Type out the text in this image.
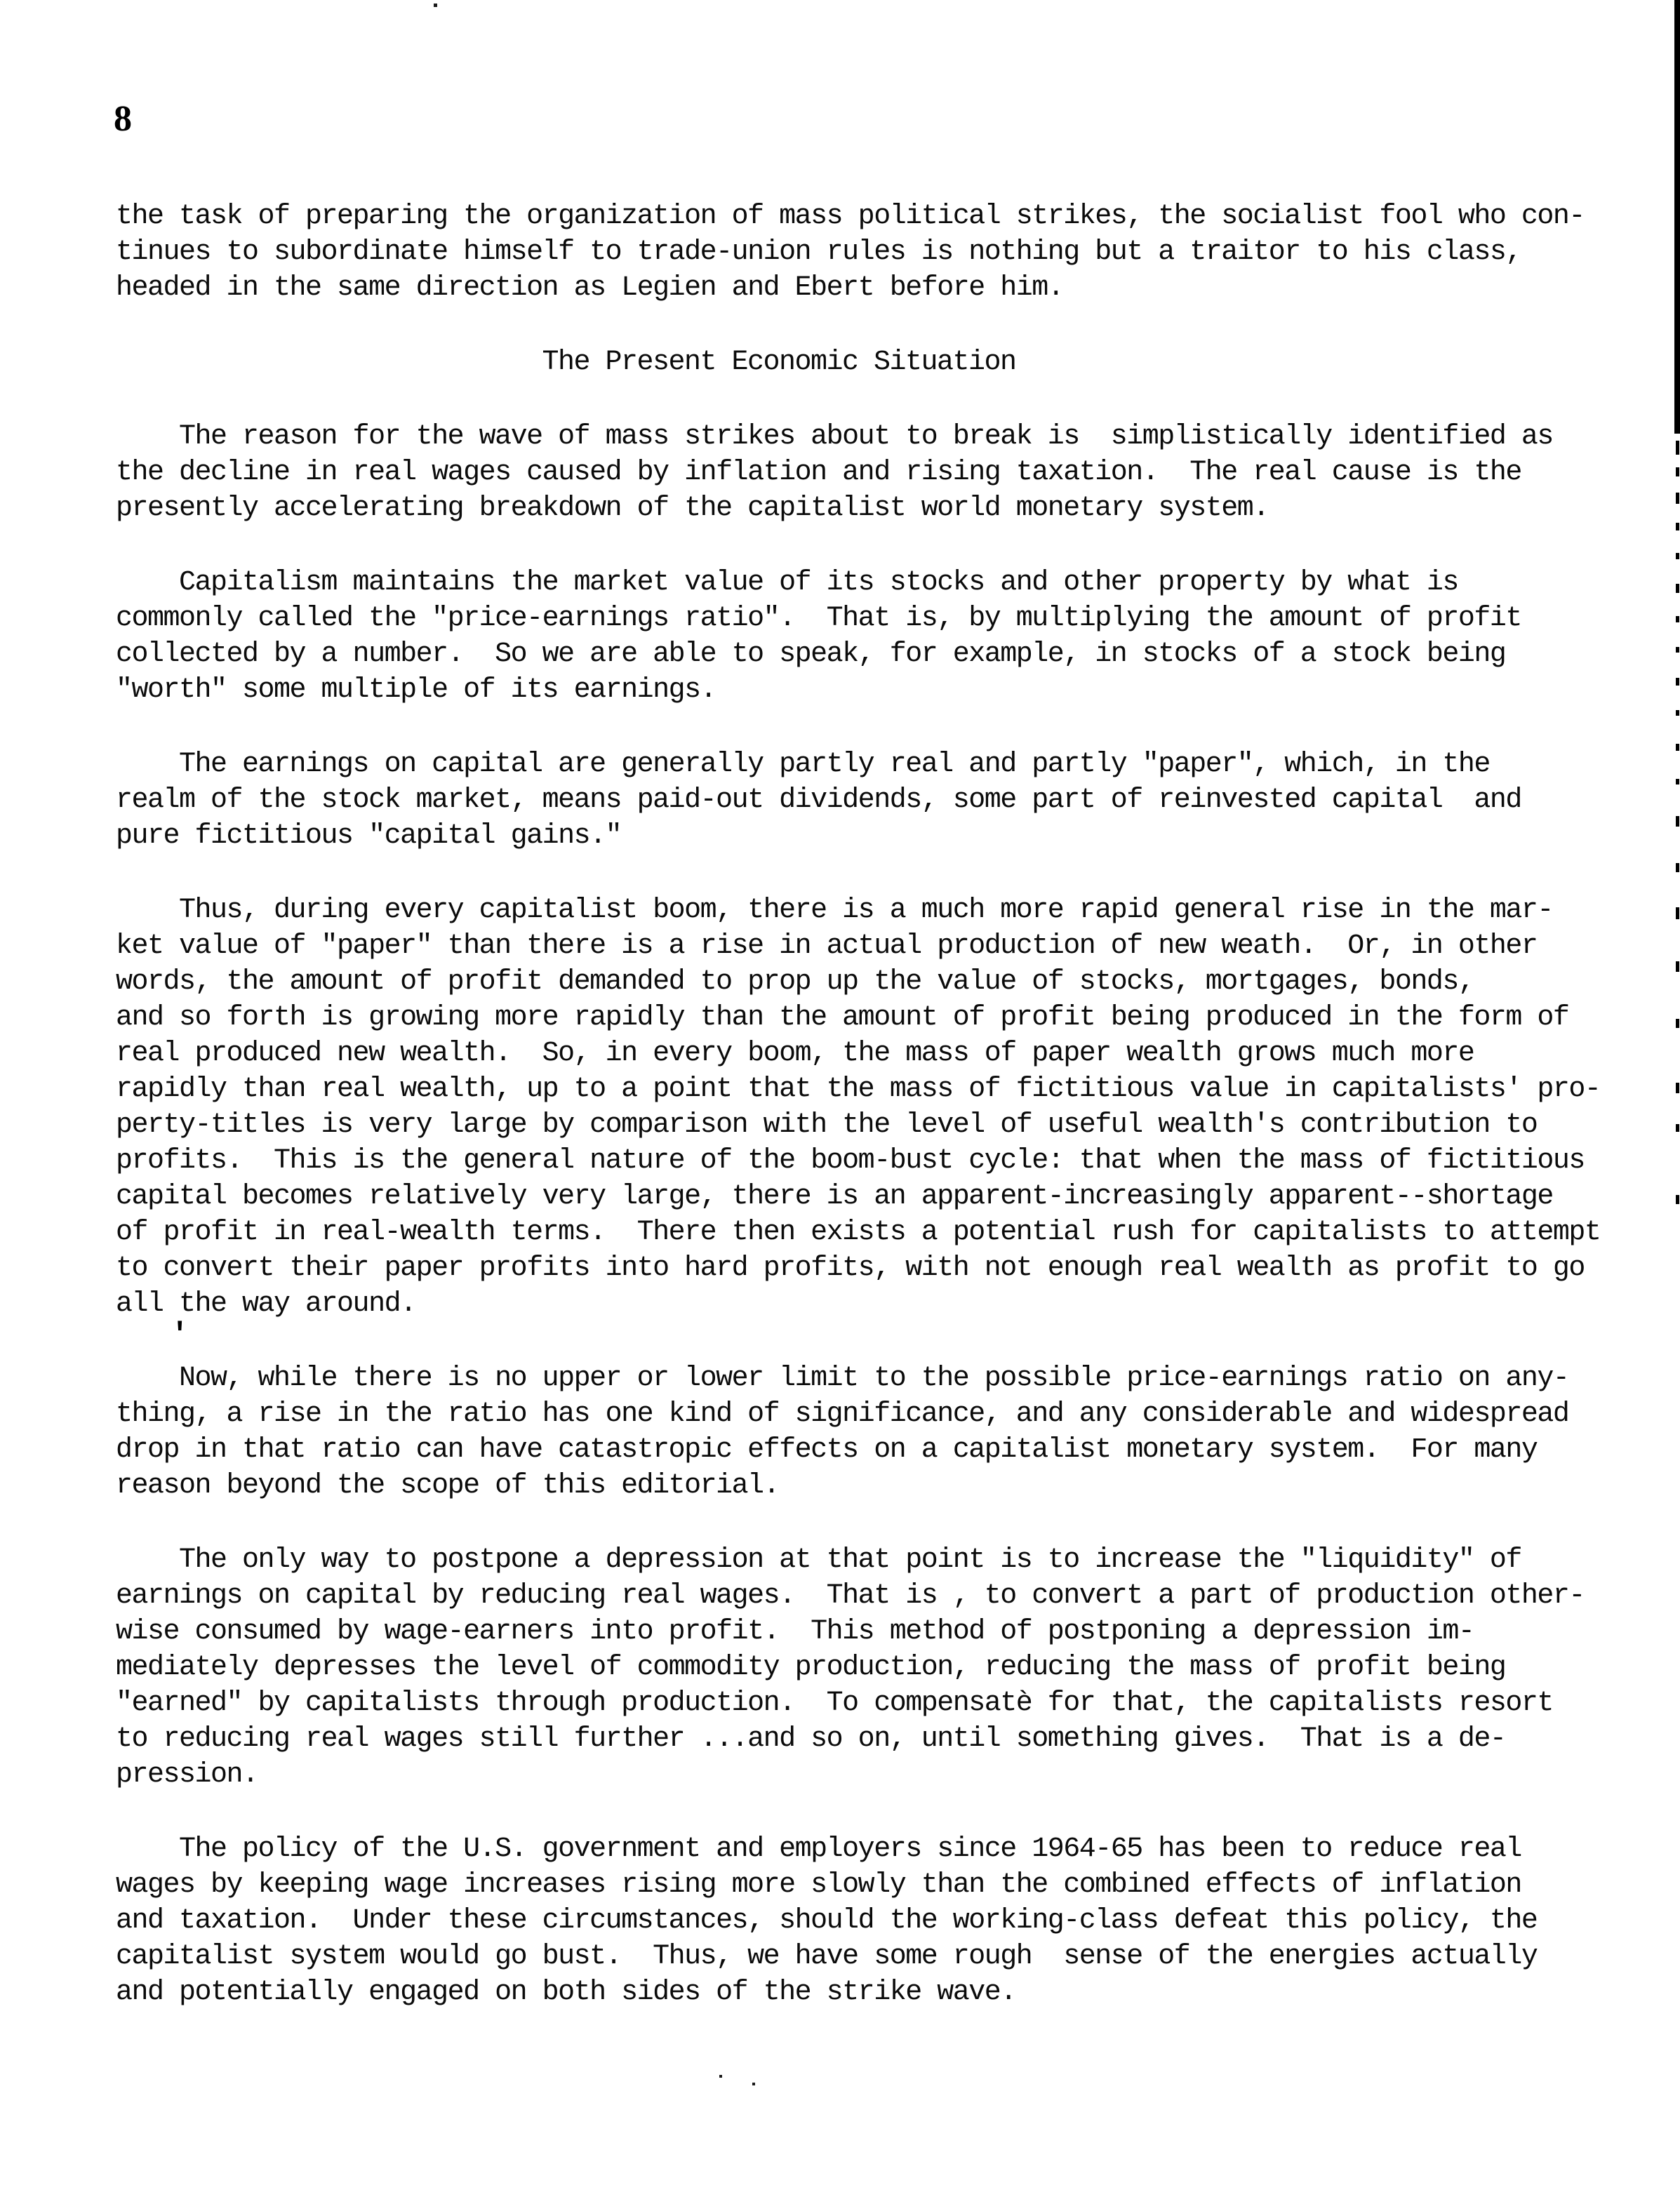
8
the task of preparing the organization of mass political strikes, the socialist fool who con-
tinues to subordinate himself to trade-union rules is nothing but a traitor to his class,
headed in the same direction as Legien and Ebert before him.
The Present Economic Situation
The reason for the wave of mass strikes about to break is  simplistically identified as
the decline in real wages caused by inflation and rising taxation.  The real cause is the
presently accelerating breakdown of the capitalist world monetary system.
Capitalism maintains the market value of its stocks and other property by what is
commonly called the "price-earnings ratio".  That is, by multiplying the amount of profit
collected by a number.  So we are able to speak, for example, in stocks of a stock being
"worth" some multiple of its earnings.
The earnings on capital are generally partly real and partly "paper", which, in the
realm of the stock market, means paid-out dividends, some part of reinvested capital  and
pure fictitious "capital gains."
Thus, during every capitalist boom, there is a much more rapid general rise in the mar-
ket value of "paper" than there is a rise in actual production of new weath.  Or, in other
words, the amount of profit demanded to prop up the value of stocks, mortgages, bonds,
and so forth is growing more rapidly than the amount of profit being produced in the form of
real produced new wealth.  So, in every boom, the mass of paper wealth grows much more
rapidly than real wealth, up to a point that the mass of fictitious value in capitalists' pro-
perty-titles is very large by comparison with the level of useful wealth's contribution to
profits.  This is the general nature of the boom-bust cycle: that when the mass of fictitious
capital becomes relatively very large, there is an apparent-increasingly apparent--shortage
of profit in real-wealth terms.  There then exists a potential rush for capitalists to attempt
to convert their paper profits into hard profits, with not enough real wealth as profit to go
all the way around.
Now, while there is no upper or lower limit to the possible price-earnings ratio on any-
thing, a rise in the ratio has one kind of significance, and any considerable and widespread
drop in that ratio can have catastropic effects on a capitalist monetary system.  For many
reason beyond the scope of this editorial.
The only way to postpone a depression at that point is to increase the "liquidity" of
earnings on capital by reducing real wages.  That is , to convert a part of production other-
wise consumed by wage-earners into profit.  This method of postponing a depression im-
mediately depresses the level of commodity production, reducing the mass of profit being
"earned" by capitalists through production.  To compensatè for that, the capitalists resort
to reducing real wages still further ...and so on, until something gives.  That is a de-
pression.
The policy of the U.S. government and employers since 1964-65 has been to reduce real
wages by keeping wage increases rising more slowly than the combined effects of inflation
and taxation.  Under these circumstances, should the working-class defeat this policy, the
capitalist system would go bust.  Thus, we have some rough  sense of the energies actually
and potentially engaged on both sides of the strike wave.
'
